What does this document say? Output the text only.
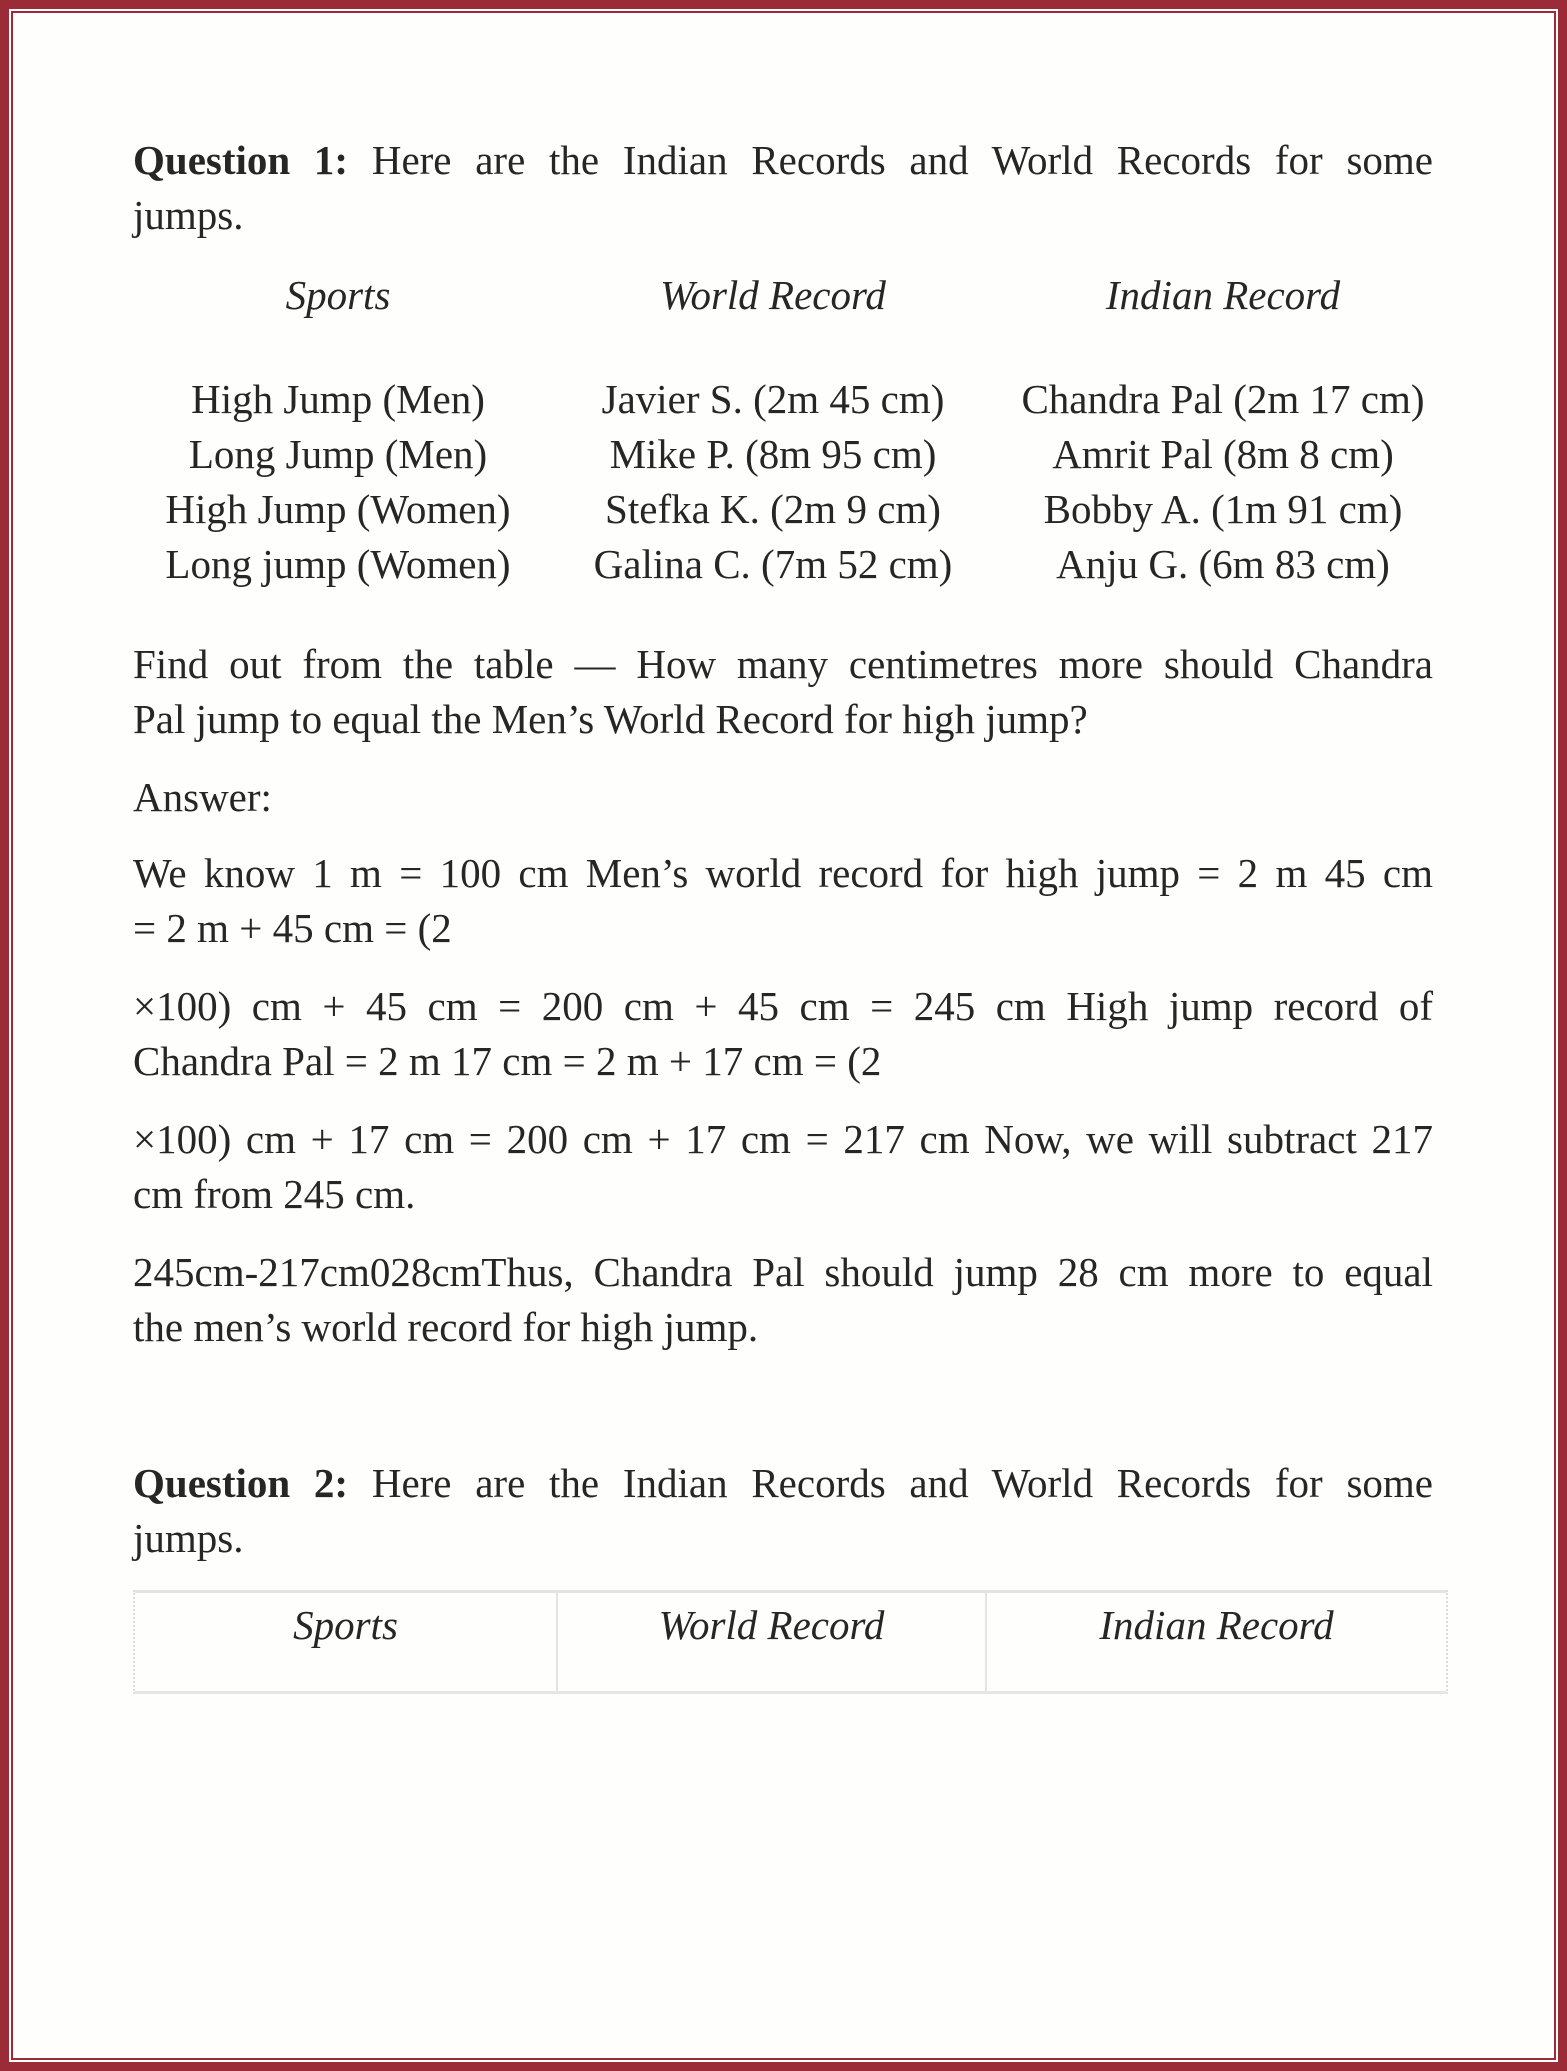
Question 1: Here are the Indian Records and World Records for some

jumps.

Sports	World Record	Indian Record
High Jump (Men)	Javier S. (2m 45 cm)	Chandra Pal (2m 17 cm)
Long Jump (Men)	Mike P. (8m 95 cm)	Amrit Pal (8m 8 cm)
High Jump (Women)	Stefka K. (2m 9 cm)	Bobby A. (1m 91 cm)
Long jump (Women)	Galina C. (7m 52 cm)	Anju G. (6m 83 cm)

Find out from the table — How many centimetres more should Chandra

Pal jump to equal the Men’s World Record for high jump?

Answer:

We know 1 m = 100 cm Men’s world record for high jump = 2 m 45 cm

= 2 m + 45 cm = (2

×100) cm + 45 cm = 200 cm + 45 cm = 245 cm High jump record of

Chandra Pal = 2 m 17 cm = 2 m + 17 cm = (2

×100) cm + 17 cm = 200 cm + 17 cm = 217 cm Now, we will subtract 217

cm from 245 cm.

245cm-217cm028cmThus, Chandra Pal should jump 28 cm more to equal

the men’s world record for high jump.

Question 2: Here are the Indian Records and World Records for some

jumps.

Sports	World Record	Indian Record
